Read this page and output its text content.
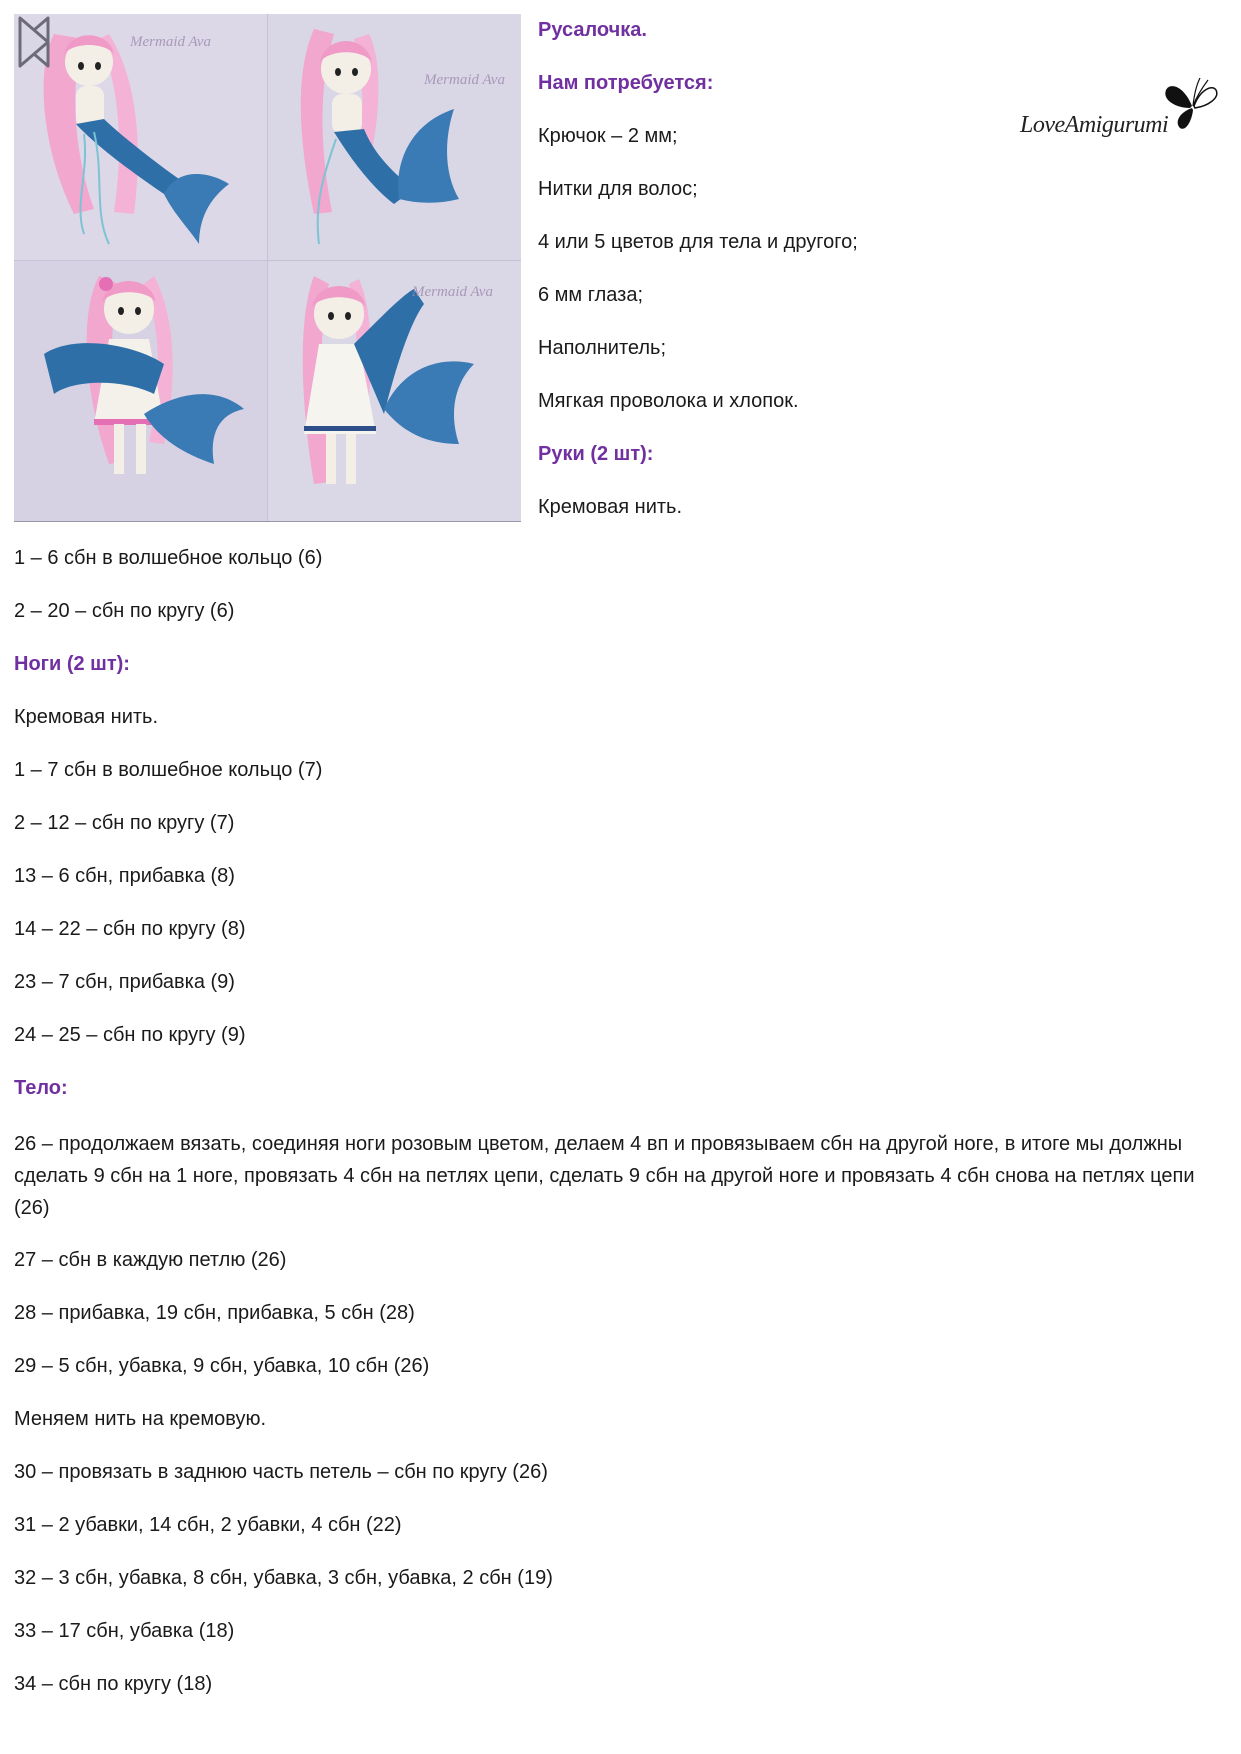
Mermaid Ava
Mermaid Ava
Mermaid Ava
LoveAmigurumi
Русалочка.
Нам потребуется:
Крючок – 2 мм;
Нитки для волос;
4 или 5 цветов для тела и другого;
6 мм глаза;
Наполнитель;
Мягкая проволока и хлопок.
Руки (2 шт):
Кремовая нить.
1 – 6 сбн в волшебное кольцо (6)
2 – 20 – сбн по кругу (6)
Ноги (2 шт):
Кремовая нить.
1 – 7 сбн в волшебное кольцо (7)
2 – 12 – сбн по кругу (7)
13 – 6 сбн, прибавка (8)
14 – 22 – сбн по кругу (8)
23 – 7 сбн, прибавка (9)
24 – 25 – сбн по кругу (9)
Тело:
26 – продолжаем вязать, соединяя ноги розовым цветом, делаем 4 вп и провязываем сбн на другой ноге, в итоге мы должны сделать 9 сбн на 1 ноге, провязать 4 сбн на петлях цепи, сделать 9 сбн на другой ноге и провязать 4 сбн снова на петлях цепи (26)
27 – сбн в каждую петлю (26)
28 – прибавка, 19 сбн, прибавка, 5 сбн (28)
29 – 5 сбн, убавка, 9 сбн, убавка, 10 сбн (26)
Меняем нить на кремовую.
30 – провязать в заднюю часть петель – сбн по кругу (26)
31 – 2 убавки, 14 сбн, 2 убавки, 4 сбн (22)
32 – 3 сбн, убавка, 8 сбн, убавка, 3 сбн, убавка, 2 сбн (19)
33 – 17 сбн, убавка (18)
34 – сбн по кругу (18)
